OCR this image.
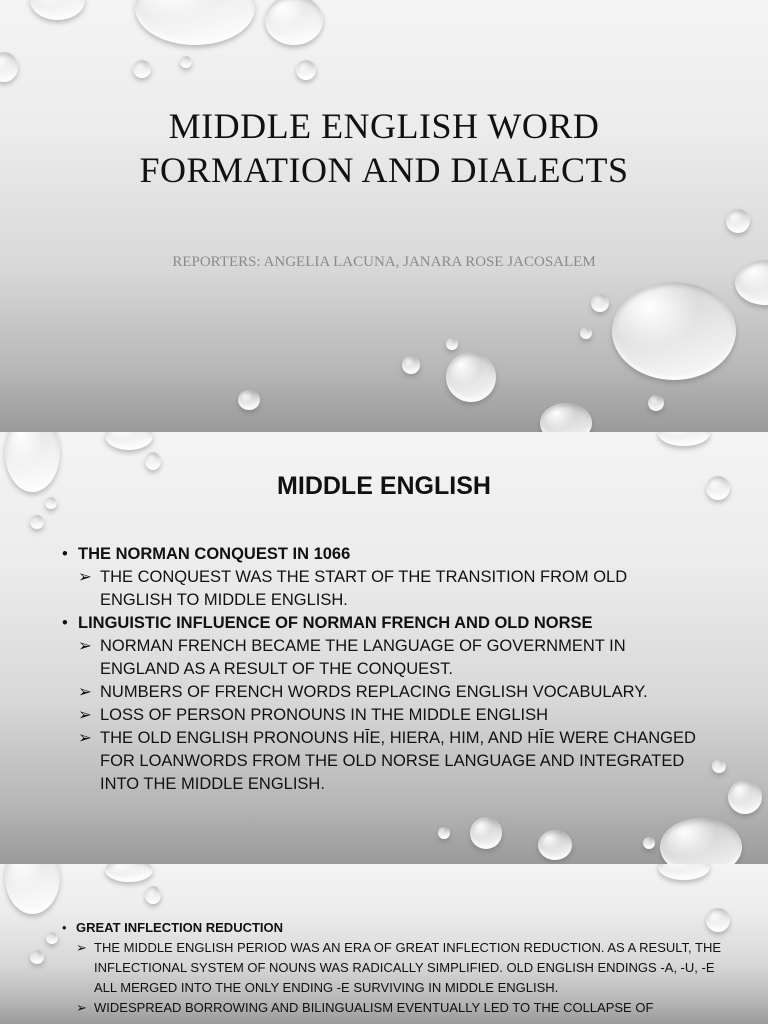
MIDDLE ENGLISH WORD
FORMATION AND DIALECTS
REPORTERS: ANGELIA LACUNA, JANARA ROSE JACOSALEM
MIDDLE ENGLISH
• THE NORMAN CONQUEST IN 1066
➢ THE CONQUEST WAS THE START OF THE TRANSITION FROM OLD ENGLISH TO MIDDLE ENGLISH.
• LINGUISTIC INFLUENCE OF NORMAN FRENCH AND OLD NORSE
➢ NORMAN FRENCH BECAME THE LANGUAGE OF GOVERNMENT IN ENGLAND AS A RESULT OF THE CONQUEST.
➢ NUMBERS OF FRENCH WORDS REPLACING ENGLISH VOCABULARY.
➢ LOSS OF PERSON PRONOUNS IN THE MIDDLE ENGLISH
➢ THE OLD ENGLISH PRONOUNS HĪE, HIERA, HIM, AND HĪE WERE CHANGED FOR LOANWORDS FROM THE OLD NORSE LANGUAGE AND INTEGRATED INTO THE MIDDLE ENGLISH.
• GREAT INFLECTION REDUCTION
➢ THE MIDDLE ENGLISH PERIOD WAS AN ERA OF GREAT INFLECTION REDUCTION. AS A RESULT, THE INFLECTIONAL SYSTEM OF NOUNS WAS RADICALLY SIMPLIFIED. OLD ENGLISH ENDINGS -A, -U, -E ALL MERGED INTO THE ONLY ENDING -E SURVIVING IN MIDDLE ENGLISH.
➢ WIDESPREAD BORROWING AND BILINGUALISM EVENTUALLY LED TO THE COLLAPSE OF
